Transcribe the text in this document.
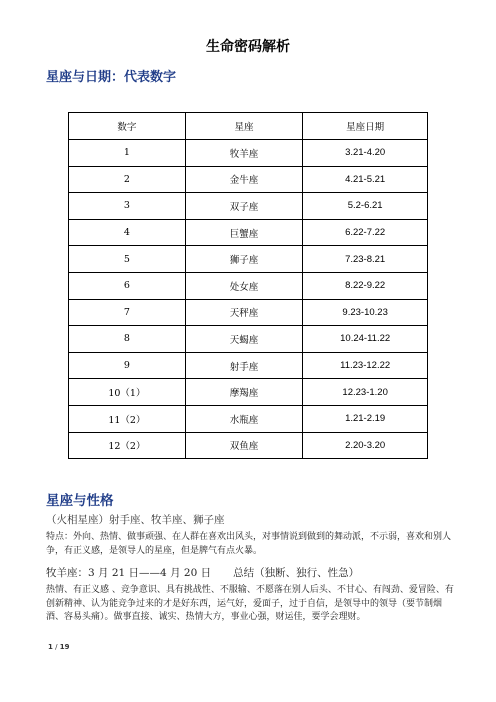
生命密码解析
星座与日期：代表数字
数字	星座	星座日期
1	牧羊座	3.21-4.20
2	金牛座	4.21-5.21
3	双子座	5.2-6.21
4	巨蟹座	6.22-7.22
5	狮子座	7.23-8.21
6	处女座	8.22-9.22
7	天秤座	9.23-10.23
8	天蝎座	10.24-11.22
9	射手座	11.23-12.22
10（1）	摩羯座	12.23-1.20
11（2）	水瓶座	1.21-2.19
12（2）	双鱼座	2.20-3.20
星座与性格
（火相星座）射手座、牧羊座、狮子座
特点：外向、热情、做事顽强、在人群在喜欢出风头，对事情说到做到的舞动派，不示弱，喜欢和别人争，有正义感，是领导人的星座，但是脾气有点火暴。
牧羊座：3 月 21 日——4 月 20 日 总结（独断、独行、性急）
热情、有正义感 、竞争意识、具有挑战性、不服输、不愿落在别人后头、不甘心、有闯劲、爱冒险、有创新精神、认为能竞争过来的才是好东西，运气好，爱面子，过于自信，是领导中的领导（要节制烟酒、容易头痛）。做事直接、诚实、热情大方，事业心强，财运佳，要学会理财。
1 / 19
